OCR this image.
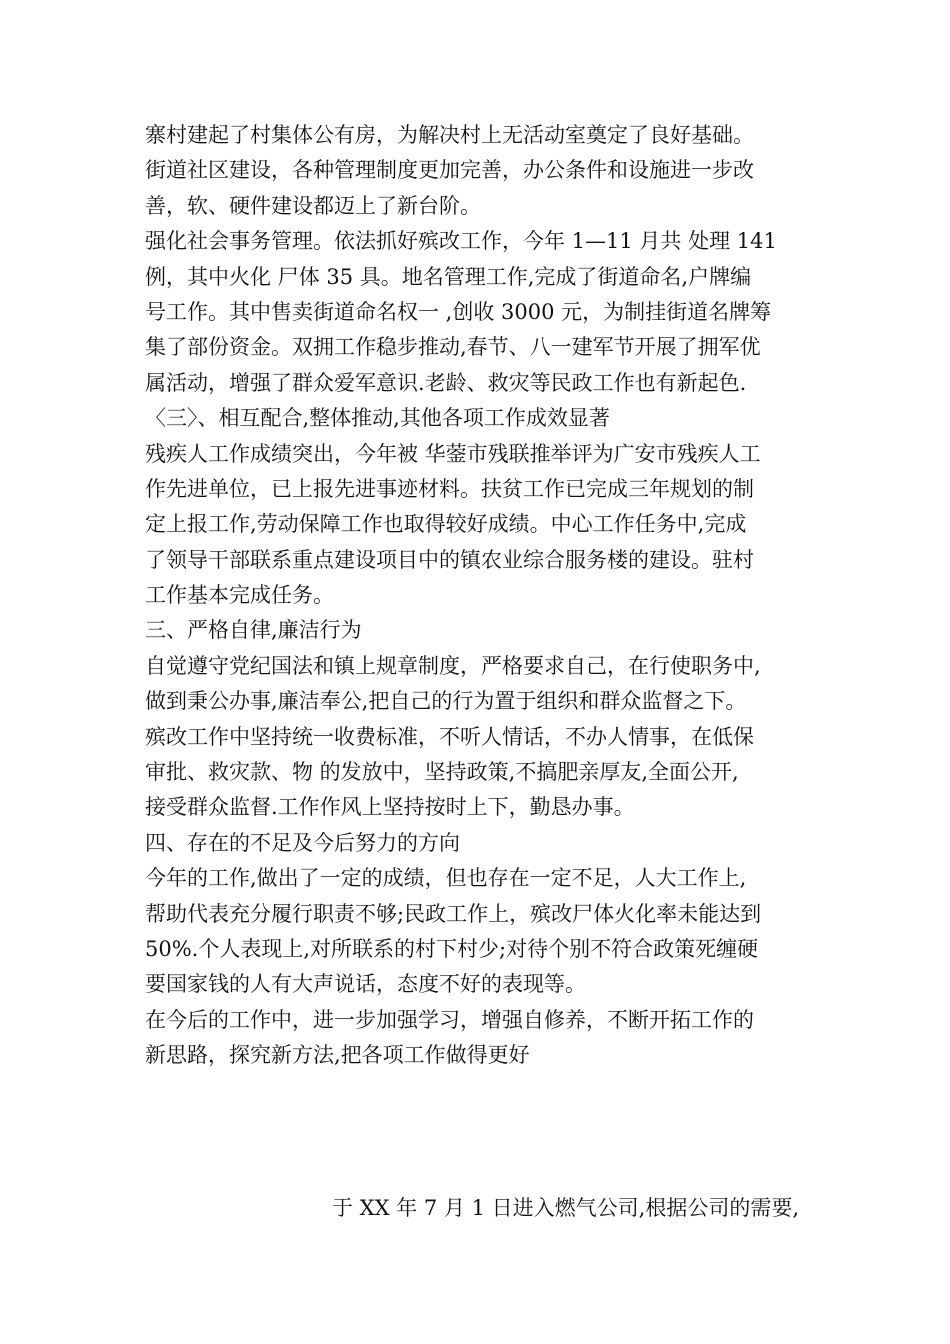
寨村建起了村集体公有房，为解决村上无活动室奠定了良好基础。
街道社区建设，各种管理制度更加完善，办公条件和设施进一步改
善，软、硬件建设都迈上了新台阶。
强化社会事务管理。依法抓好殡改工作，今年 1—11 月共 处理 141
例，其中火化 尸体 35 具。地名管理工作,完成了街道命名,户牌编
号工作。其中售卖街道命名权一 ,创收 3000 元，为制挂街道名牌筹
集了部份资金。双拥工作稳步推动,春节、八一建军节开展了拥军优
属活动，增强了群众爱军意识.老龄、救灾等民政工作也有新起色.
〈三〉、相互配合,整体推动,其他各项工作成效显著
残疾人工作成绩突出，今年被 华蓥市残联推举评为广安市残疾人工
作先进单位，已上报先进事迹材料。扶贫工作已完成三年规划的制
定上报工作,劳动保障工作也取得较好成绩。中心工作任务中,完成
了领导干部联系重点建设项目中的镇农业综合服务楼的建设。驻村
工作基本完成任务。
三、严格自律,廉洁行为
自觉遵守党纪国法和镇上规章制度，严格要求自己，在行使职务中,
做到秉公办事,廉洁奉公,把自己的行为置于组织和群众监督之下。
殡改工作中坚持统一收费标准，不听人情话，不办人情事，在低保
审批、救灾款、物 的发放中，坚持政策,不搞肥亲厚友,全面公开,
接受群众监督.工作作风上坚持按时上下，勤恳办事。
四、存在的不足及今后努力的方向
今年的工作,做出了一定的成绩，但也存在一定不足，人大工作上,
帮助代表充分履行职责不够;民政工作上，殡改尸体火化率未能达到
50%.个人表现上,对所联系的村下村少;对待个别不符合政策死缠硬
要国家钱的人有大声说话，态度不好的表现等。
在今后的工作中，进一步加强学习，增强自修养，不断开拓工作的
新思路，探究新方法,把各项工作做得更好
于 XX 年 7 月 1 日进入燃气公司,根据公司的需要,
